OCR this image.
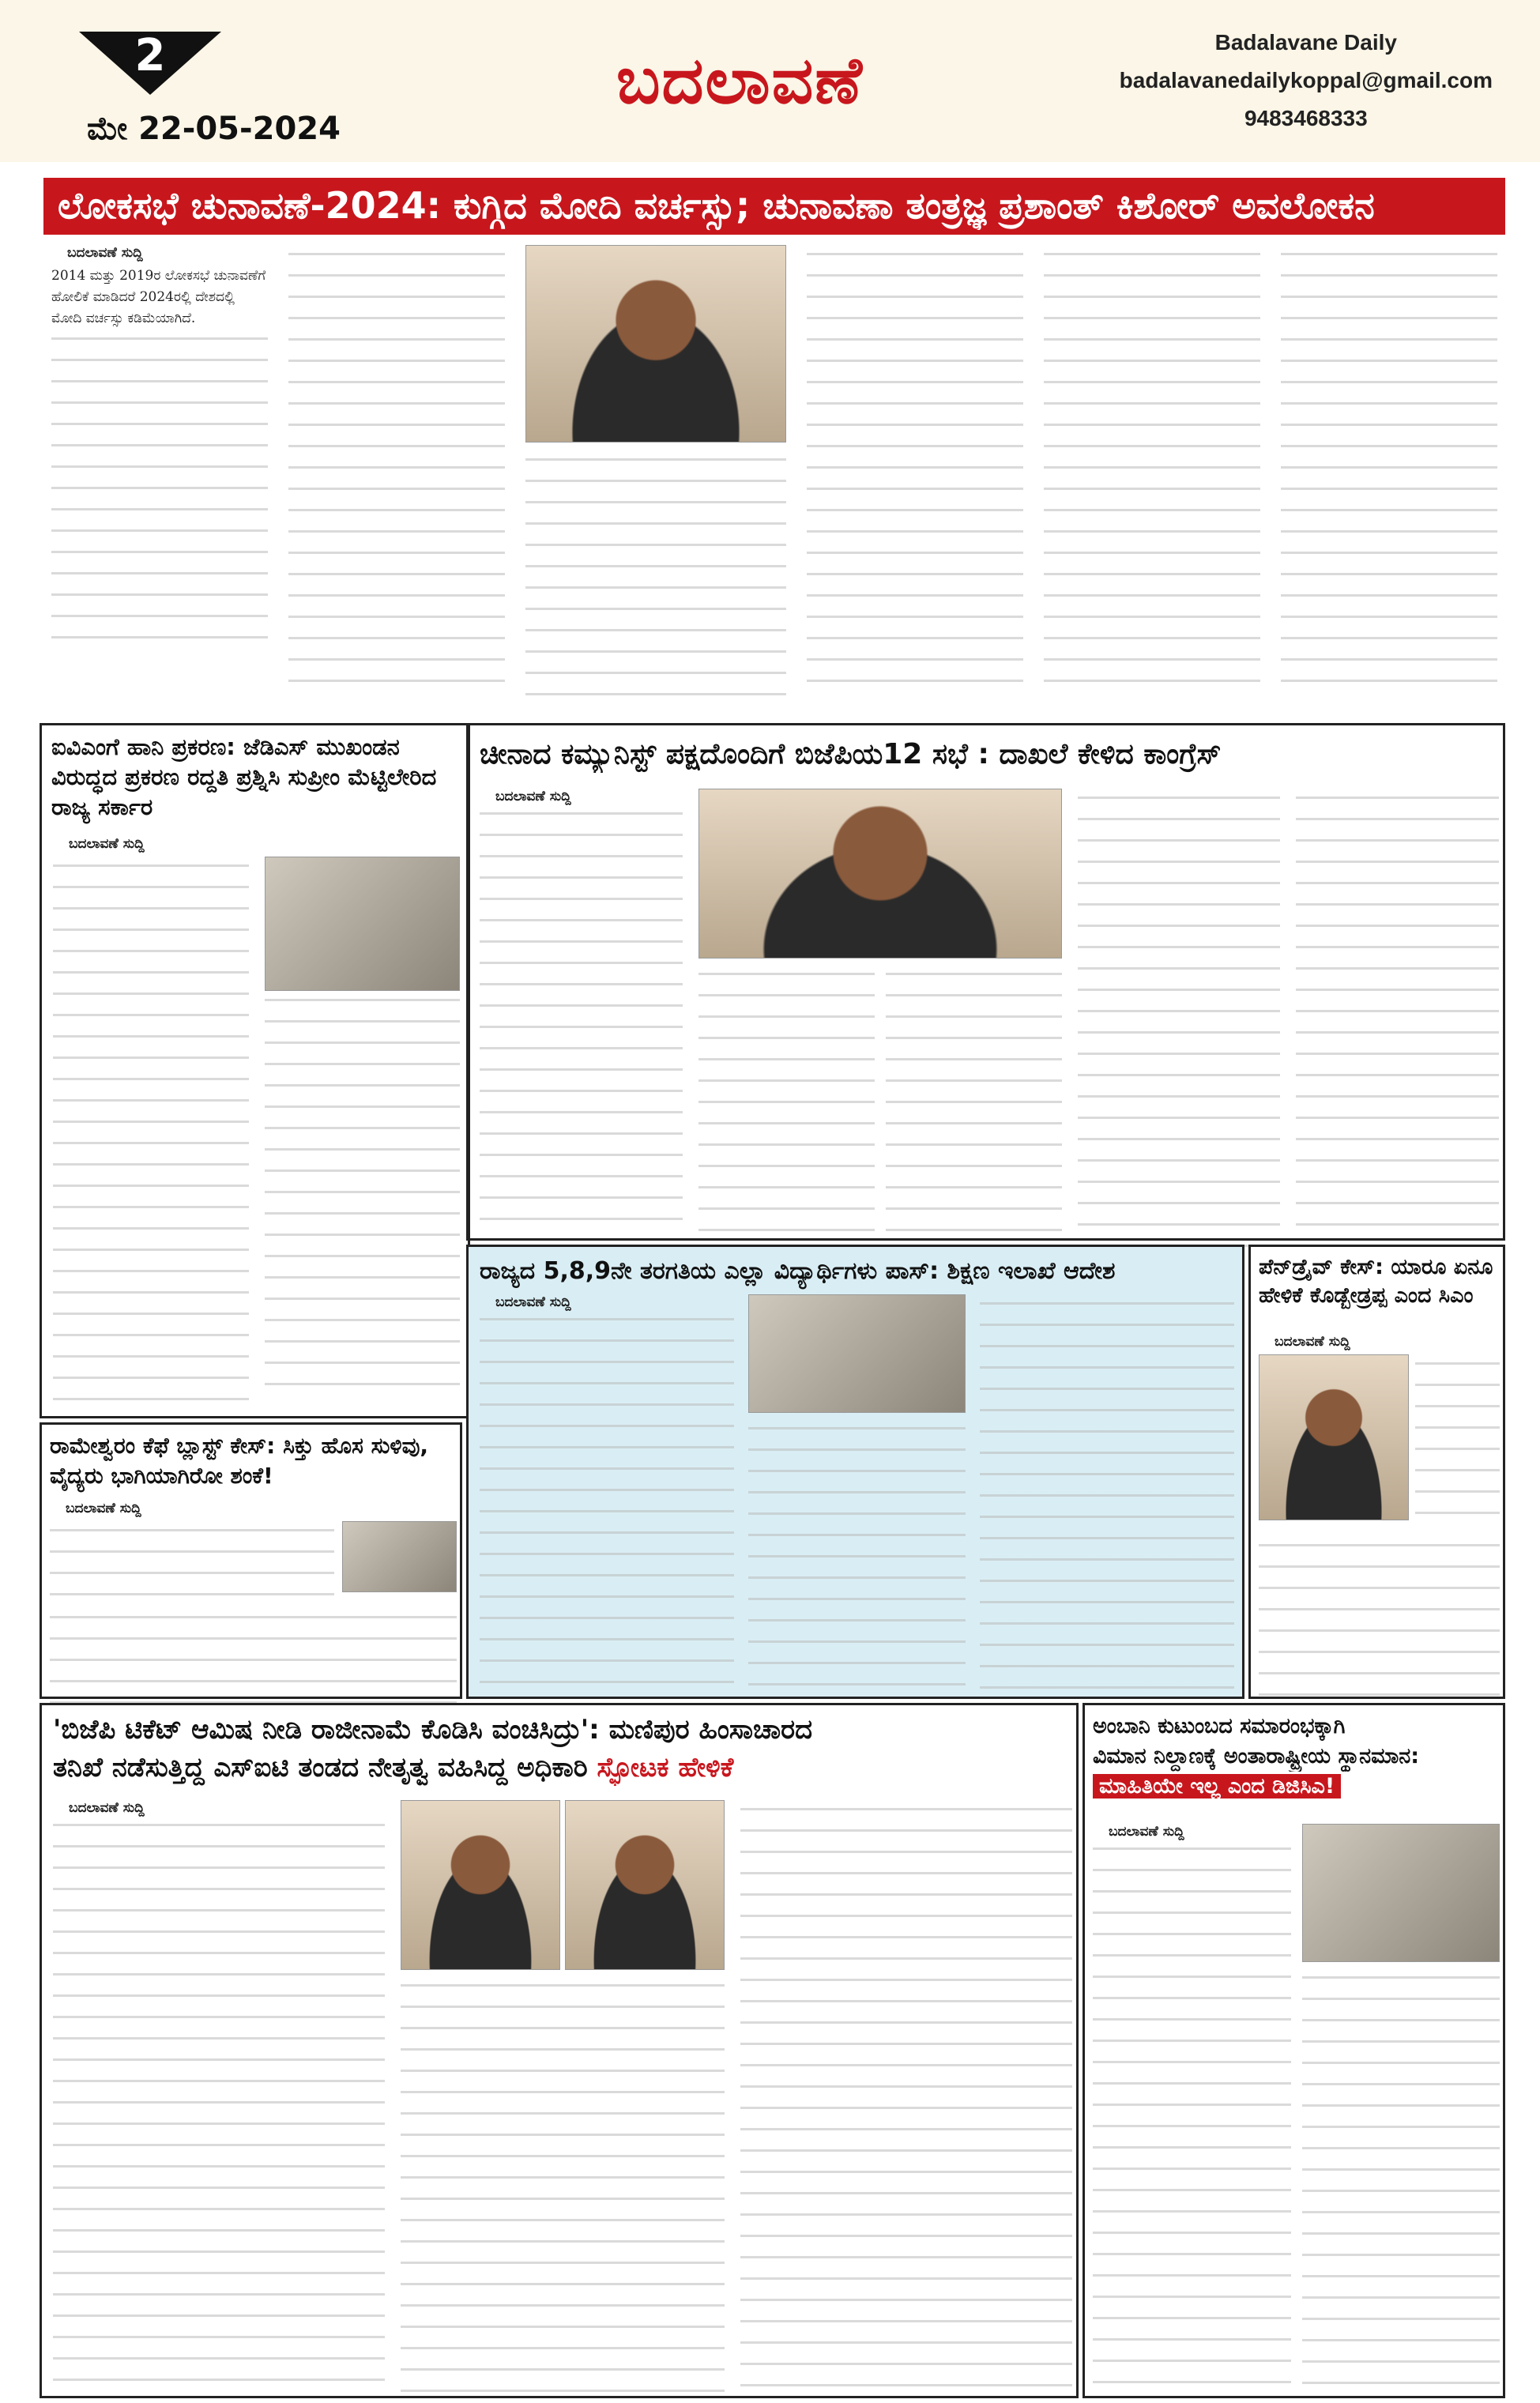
2
ಮೇ 22-05-2024
ಬದಲಾವಣೆ
Badalavane Daily
badalavanedailykoppal@gmail.com
9483468333
ಲೋಕಸಭೆ ಚುನಾವಣೆ-2024: ಕುಗ್ಗಿದ ಮೋದಿ ವರ್ಚಸ್ಸು; ಚುನಾವಣಾ ತಂತ್ರಜ್ಞ ಪ್ರಶಾಂತ್ ಕಿಶೋರ್ ಅವಲೋಕನ
ಬದಲಾವಣೆ ಸುದ್ದಿ
2014 ಮತ್ತು 2019ರ ಲೋಕಸಭೆ ಚುನಾವಣೆಗೆ ಹೋಲಿಕೆ ಮಾಡಿದರೆ 2024ರಲ್ಲಿ ದೇಶದಲ್ಲಿ ಮೋದಿ ವರ್ಚಸ್ಸು ಕಡಿಮೆಯಾಗಿದೆ.
ಐವಿಎಂಗೆ ಹಾನಿ ಪ್ರಕರಣ: ಜೆಡಿಎಸ್ ಮುಖಂಡನ ವಿರುದ್ಧದ ಪ್ರಕರಣ ರದ್ದತಿ ಪ್ರಶ್ನಿಸಿ ಸುಪ್ರೀಂ ಮೆಟ್ಟಿಲೇರಿದ ರಾಜ್ಯ ಸರ್ಕಾರ
ಬದಲಾವಣೆ ಸುದ್ದಿ
ಚೀನಾದ ಕಮ್ಯುನಿಸ್ಟ್ ಪಕ್ಷದೊಂದಿಗೆ ಬಿಜೆಪಿಯ12 ಸಭೆ : ದಾಖಲೆ ಕೇಳಿದ ಕಾಂಗ್ರೆಸ್
ಬದಲಾವಣೆ ಸುದ್ದಿ
ರಾಜ್ಯದ 5,8,9ನೇ ತರಗತಿಯ ಎಲ್ಲಾ ವಿದ್ಯಾರ್ಥಿಗಳು ಪಾಸ್: ಶಿಕ್ಷಣ ಇಲಾಖೆ ಆದೇಶ
ಬದಲಾವಣೆ ಸುದ್ದಿ
ಪೆನ್‌ಡ್ರೈವ್ ಕೇಸ್: ಯಾರೂ ಏನೂ ಹೇಳಿಕೆ ಕೊಡ್ಬೇಡ್ರಪ್ಪ ಎಂದ ಸಿಎಂ
ಬದಲಾವಣೆ ಸುದ್ದಿ
ರಾಮೇಶ್ವರಂ ಕೆಫೆ ಬ್ಲಾಸ್ಟ್ ಕೇಸ್: ಸಿಕ್ತು ಹೊಸ ಸುಳಿವು, ವೈದ್ಯರು ಭಾಗಿಯಾಗಿರೋ ಶಂಕೆ!
ಬದಲಾವಣೆ ಸುದ್ದಿ
'ಬಿಜೆಪಿ ಟಿಕೆಟ್ ಆಮಿಷ ನೀಡಿ ರಾಜೀನಾಮೆ ಕೊಡಿಸಿ ವಂಚಿಸಿದ್ರು': ಮಣಿಪುರ ಹಿಂಸಾಚಾರದ
ತನಿಖೆ ನಡೆಸುತ್ತಿದ್ದ ಎಸ್‌ಐಟಿ ತಂಡದ ನೇತೃತ್ವ ವಹಿಸಿದ್ದ ಅಧಿಕಾರಿ ಸ್ಫೋಟಕ ಹೇಳಿಕೆ
ಬದಲಾವಣೆ ಸುದ್ದಿ
ಅಂಬಾನಿ ಕುಟುಂಬದ ಸಮಾರಂಭಕ್ಕಾಗಿ
ವಿಮಾನ ನಿಲ್ದಾಣಕ್ಕೆ ಅಂತಾರಾಷ್ಟ್ರೀಯ ಸ್ಥಾನಮಾನ:
ಮಾಹಿತಿಯೇ ಇಲ್ಲ ಎಂದ ಡಿಜಿಸಿಎ!
ಬದಲಾವಣೆ ಸುದ್ದಿ
